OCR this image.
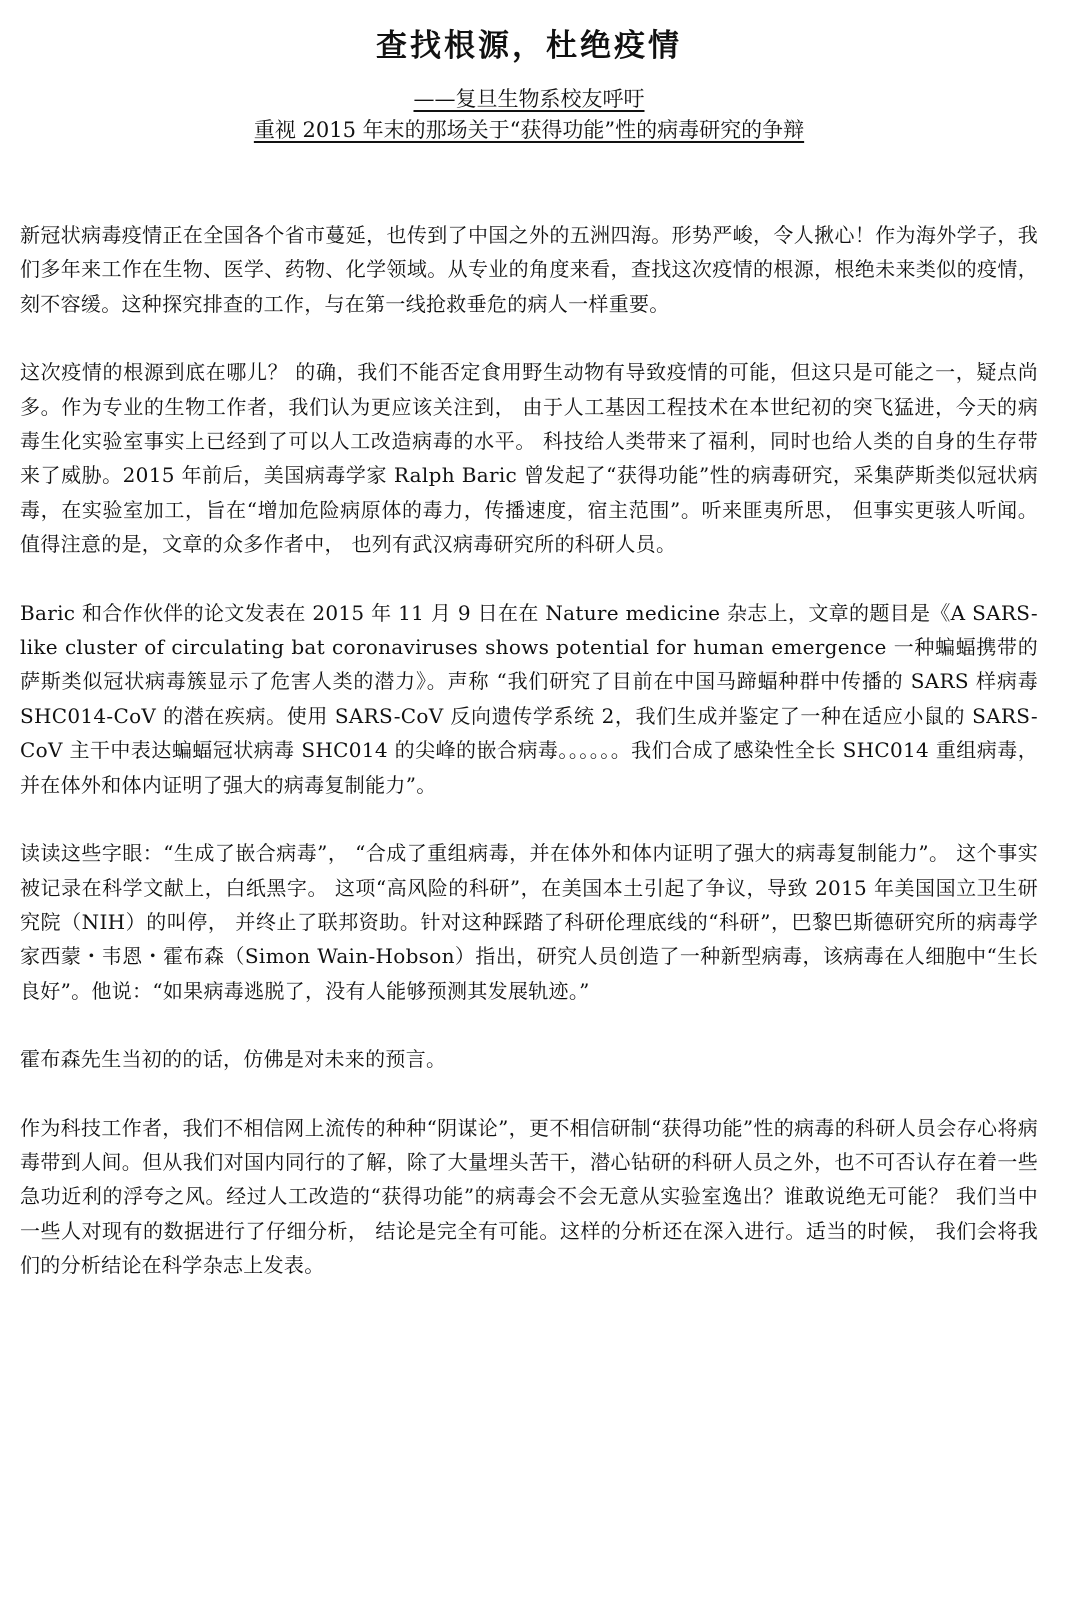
查找根源，杜绝疫情

——复旦生物系校友呼吁

重视 2015 年末的那场关于“获得功能”性的病毒研究的争辩

新冠状病毒疫情正在全国各个省市蔓延，也传到了中国之外的五洲四海。形势严峻，令人揪心！作为海外学子，我们多年来工作在生物、医学、药物、化学领域。从专业的角度来看，查找这次疫情的根源，根绝未来类似的疫情，刻不容缓。这种探究排查的工作，与在第一线抢救垂危的病人一样重要。

这次疫情的根源到底在哪儿？ 的确，我们不能否定食用野生动物有导致疫情的可能，但这只是可能之一，疑点尚多。作为专业的生物工作者，我们认为更应该关注到， 由于人工基因工程技术在本世纪初的突飞猛进，今天的病毒生化实验室事实上已经到了可以人工改造病毒的水平。 科技给人类带来了福利，同时也给人类的自身的生存带来了威胁。2015 年前后，美国病毒学家 Ralph Baric 曾发起了“获得功能”性的病毒研究，采集萨斯类似冠状病毒，在实验室加工，旨在“增加危险病原体的毒力，传播速度，宿主范围”。听来匪夷所思， 但事实更骇人听闻。值得注意的是，文章的众多作者中， 也列有武汉病毒研究所的科研人员。

Baric 和合作伙伴的论文发表在 2015 年 11 月 9 日在在 Nature medicine 杂志上，文章的题目是《A SARS-like cluster of circulating bat coronaviruses shows potential for human emergence 一种蝙蝠携带的萨斯类似冠状病毒簇显示了危害人类的潜力》。声称 “我们研究了目前在中国马蹄蝠种群中传播的 SARS 样病毒 SHC014-CoV 的潜在疾病。使用 SARS-CoV 反向遗传学系统 2，我们生成并鉴定了一种在适应小鼠的 SARS-CoV 主干中表达蝙蝠冠状病毒 SHC014 的尖峰的嵌合病毒。。。。。。我们合成了感染性全长 SHC014 重组病毒，并在体外和体内证明了强大的病毒复制能力”。

读读这些字眼：“生成了嵌合病毒”， “合成了重组病毒，并在体外和体内证明了强大的病毒复制能力”。 这个事实被记录在科学文献上，白纸黑字。 这项“高风险的科研”，在美国本土引起了争议，导致 2015 年美国国立卫生研究院（NIH）的叫停， 并终止了联邦资助。针对这种踩踏了科研伦理底线的“科研”，巴黎巴斯德研究所的病毒学家西蒙・韦恩・霍布森（Simon Wain-Hobson）指出，研究人员创造了一种新型病毒，该病毒在人细胞中“生长良好”。他说：“如果病毒逃脱了，没有人能够预测其发展轨迹。”

霍布森先生当初的的话，仿佛是对未来的预言。

作为科技工作者，我们不相信网上流传的种种“阴谋论”，更不相信研制“获得功能”性的病毒的科研人员会存心将病毒带到人间。但从我们对国内同行的了解，除了大量埋头苦干，潜心钻研的科研人员之外，也不可否认存在着一些急功近利的浮夸之风。经过人工改造的“获得功能”的病毒会不会无意从实验室逸出？谁敢说绝无可能？ 我们当中一些人对现有的数据进行了仔细分析， 结论是完全有可能。这样的分析还在深入进行。适当的时候， 我们会将我们的分析结论在科学杂志上发表。
